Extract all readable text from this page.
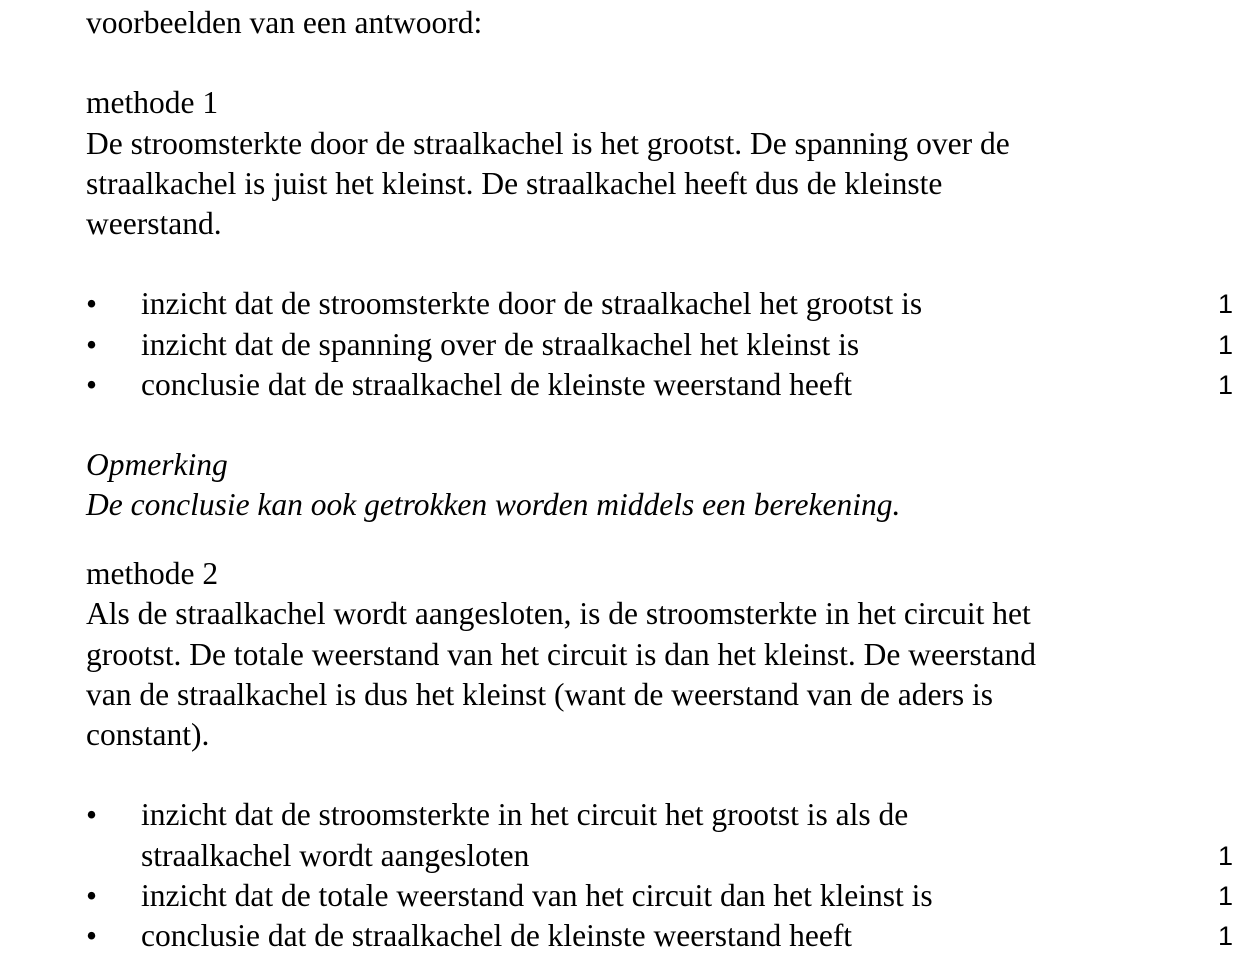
voorbeelden van een antwoord:
methode 1
De stroomsterkte door de straalkachel is het grootst. De spanning over de
straalkachel is juist het kleinst. De straalkachel heeft dus de kleinste
weerstand.
• inzicht dat de stroomsterkte door de straalkachel het grootst is	1
• inzicht dat de spanning over de straalkachel het kleinst is	1
• conclusie dat de straalkachel de kleinste weerstand heeft	1
Opmerking
De conclusie kan ook getrokken worden middels een berekening.
methode 2
Als de straalkachel wordt aangesloten, is de stroomsterkte in het circuit het
grootst. De totale weerstand van het circuit is dan het kleinst. De weerstand
van de straalkachel is dus het kleinst (want de weerstand van de aders is
constant).
• inzicht dat de stroomsterkte in het circuit het grootst is als de
straalkachel wordt aangesloten	1
• inzicht dat de totale weerstand van het circuit dan het kleinst is	1
• conclusie dat de straalkachel de kleinste weerstand heeft	1
